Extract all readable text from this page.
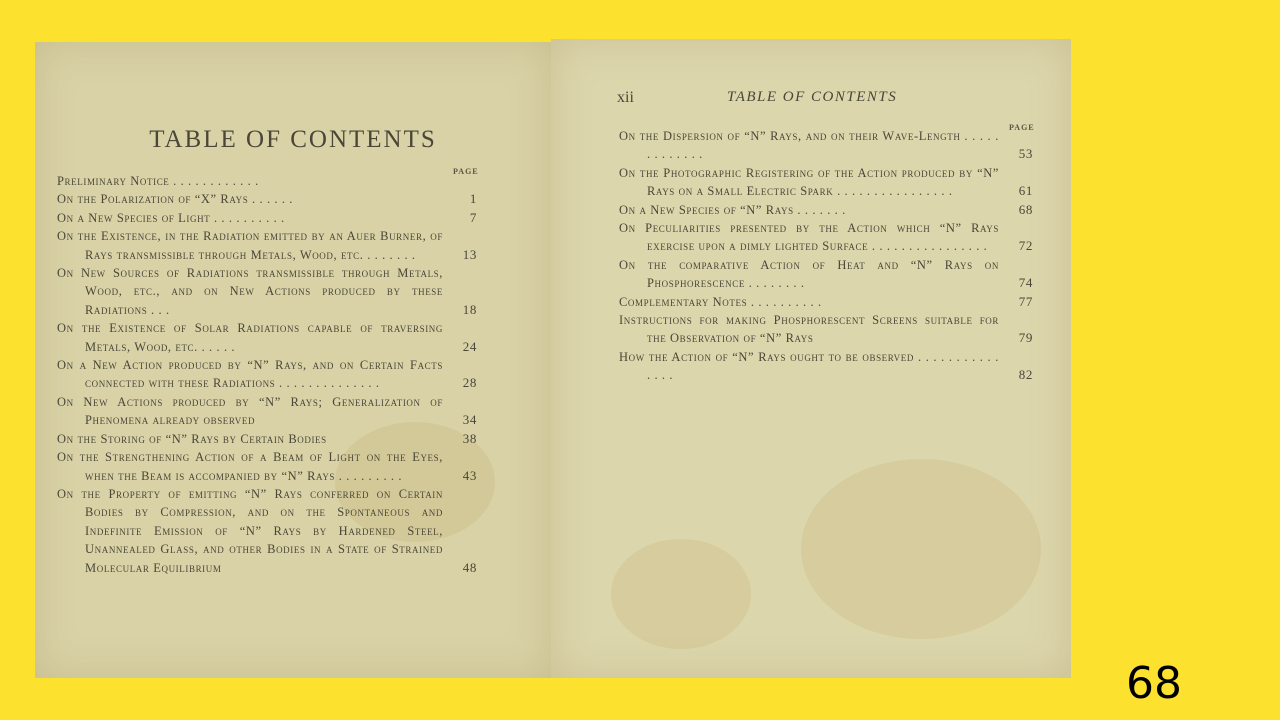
TABLE OF CONTENTS
PAGE
Preliminary Notice . . . . . . . . . . . .
On the Polarization of “X” Rays . . . . . .	1
On a New Species of Light . . . . . . . . . .	7
On the Existence, in the Radiation emitted by an Auer Burner, of Rays transmissible through Metals, Wood, etc. . . . . . . .	13
On New Sources of Radiations transmissible through Metals, Wood, etc., and on New Actions produced by these Radiations . . .	18
On the Existence of Solar Radiations capable of traversing Metals, Wood, etc. . . . . .	24
On a New Action produced by “N” Rays, and on Certain Facts connected with these Radiations . . . . . . . . . . . . . .	28
On New Actions produced by “N” Rays; Generalization of Phenomena already observed	34
On the Storing of “N” Rays by Certain Bodies	38
On the Strengthening Action of a Beam of Light on the Eyes, when the Beam is accompanied by “N” Rays . . . . . . . . .	43
On the Property of emitting “N” Rays conferred on Certain Bodies by Compression, and on the Spontaneous and Indefinite Emission of “N” Rays by Hardened Steel, Unannealed Glass, and other Bodies in a State of Strained Molecular Equilibrium	48
xii	TABLE OF CONTENTS
PAGE
On the Dispersion of “N” Rays, and on their Wave-Length . . . . . . . . . . . . .	53
On the Photographic Registering of the Action produced by “N” Rays on a Small Electric Spark . . . . . . . . . . . . . . . .	61
On a New Species of “N” Rays . . . . . . .	68
On Peculiarities presented by the Action which “N” Rays exercise upon a dimly lighted Surface . . . . . . . . . . . . . . . . 72
On the comparative Action of Heat and “N” Rays on Phosphorescence . . . . . . . .	74
Complementary Notes . . . . . . . . . .	77
Instructions for making Phosphorescent Screens suitable for the Observation of “N” Rays	79
How the Action of “N” Rays ought to be observed . . . . . . . . . . . . . . .	82
68
